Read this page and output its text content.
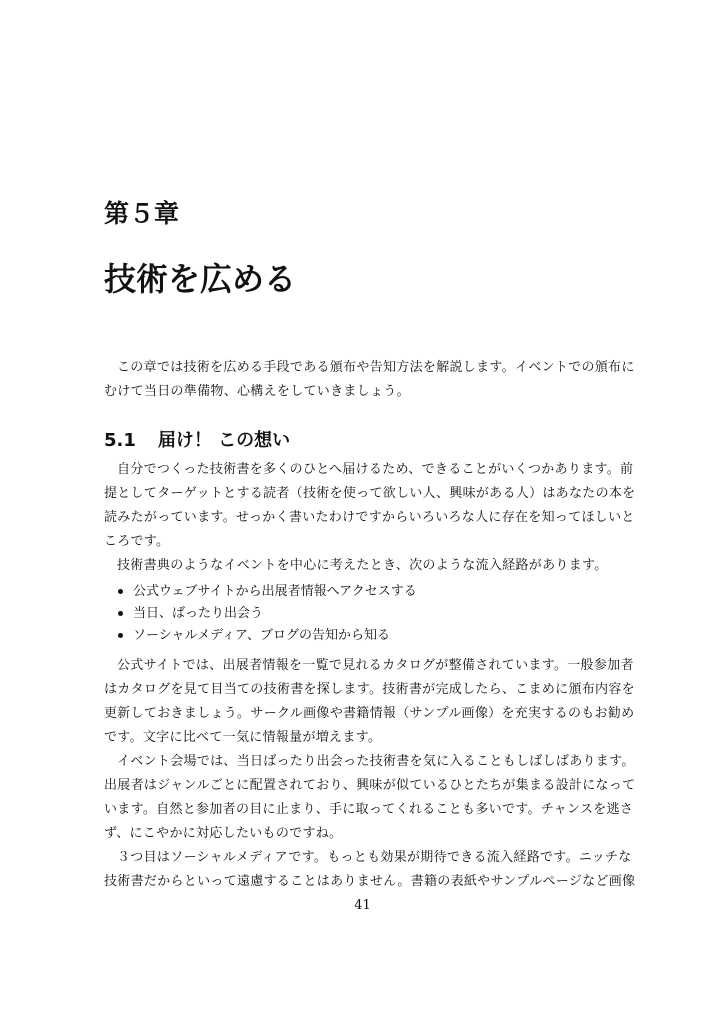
第５章
技術を広める
この章では技術を広める手段である頒布や告知方法を解説します。イベントでの頒布に
むけて当日の準備物、心構えをしていきましょう。
5.1 届け！ この想い
自分でつくった技術書を多くのひとへ届けるため、できることがいくつかあります。前
提としてターゲットとする読者（技術を使って欲しい人、興味がある人）はあなたの本を
読みたがっています。せっかく書いたわけですからいろいろな人に存在を知ってほしいと
ころです。
技術書典のようなイベントを中心に考えたとき、次のような流入経路があります。
公式ウェブサイトから出展者情報へアクセスする
当日、ばったり出会う
ソーシャルメディア、ブログの告知から知る
公式サイトでは、出展者情報を一覧で見れるカタログが整備されています。一般参加者
はカタログを見て目当ての技術書を探します。技術書が完成したら、こまめに頒布内容を
更新しておきましょう。サークル画像や書籍情報（サンプル画像）を充実するのもお勧め
です。文字に比べて一気に情報量が増えます。
イベント会場では、当日ばったり出会った技術書を気に入ることもしばしばあります。
出展者はジャンルごとに配置されており、興味が似ているひとたちが集まる設計になって
います。自然と参加者の目に止まり、手に取ってくれることも多いです。チャンスを逃さ
ず、にこやかに対応したいものですね。
３つ目はソーシャルメディアです。もっとも効果が期待できる流入経路です。ニッチな
技術書だからといって遠慮することはありません。書籍の表紙やサンプルページなど画像
41
